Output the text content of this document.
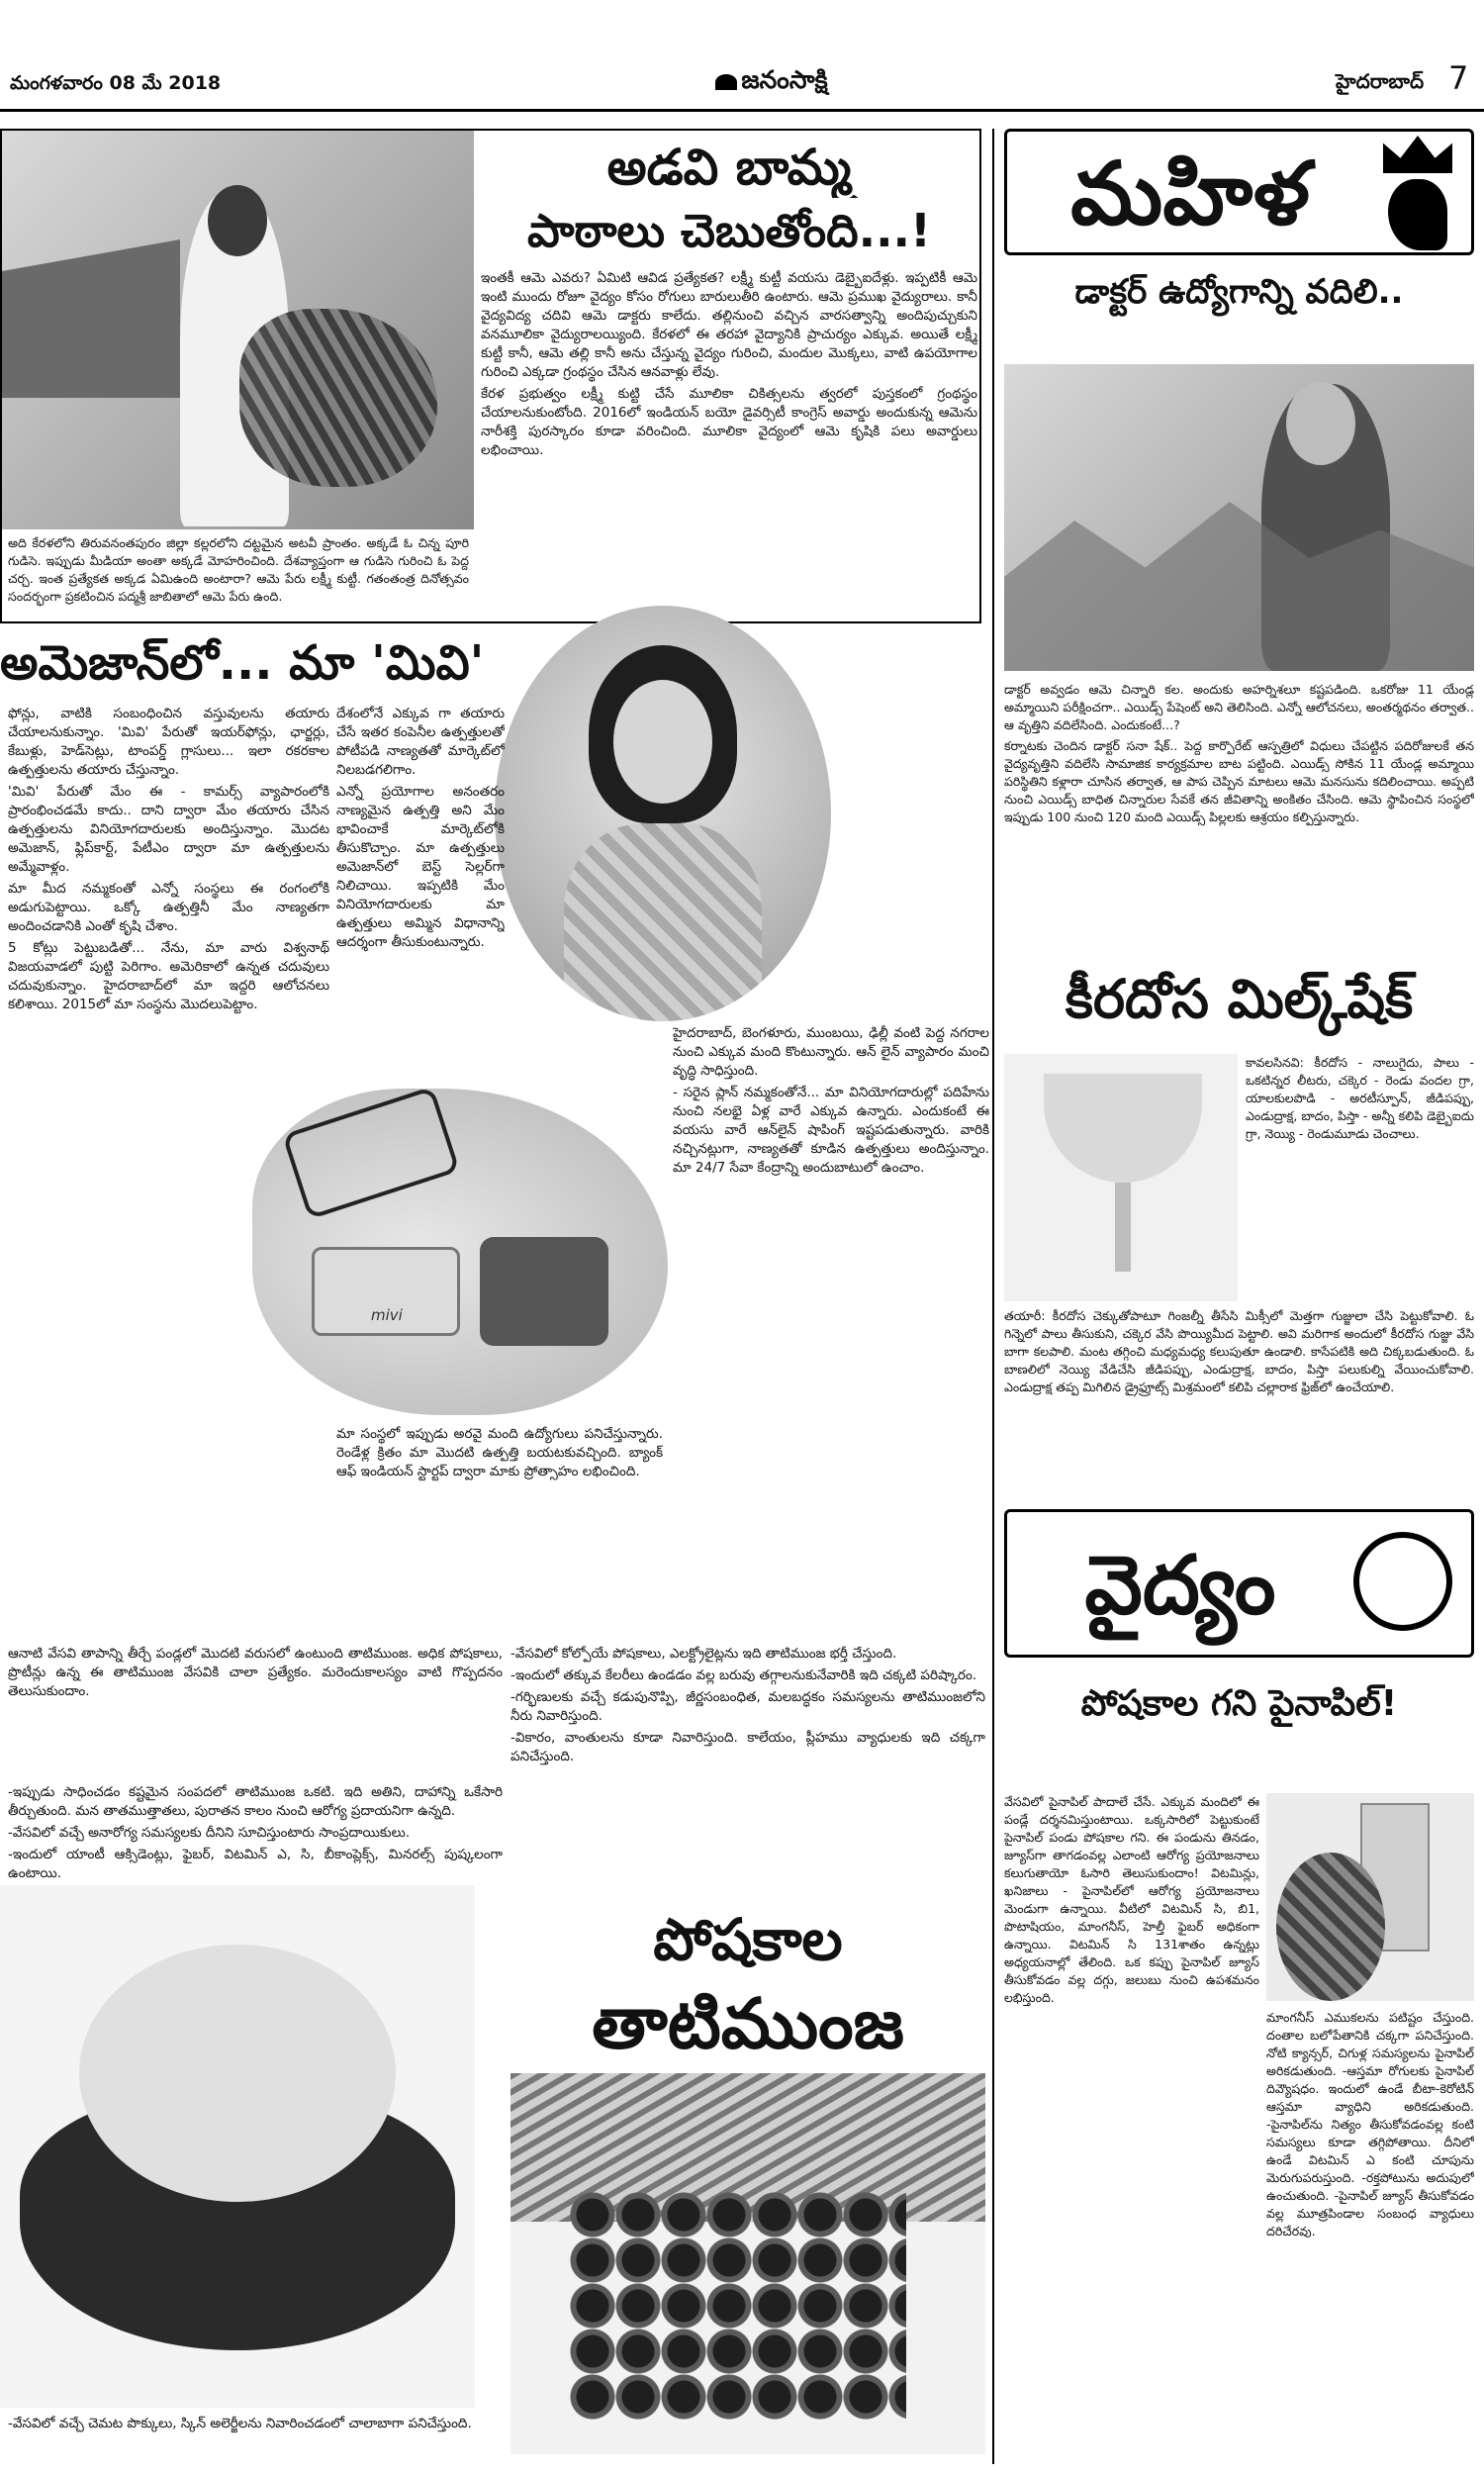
మంగళవారం 08 మే 2018	జనంసాక్షి	హైదరాబాద్ 7
అది కేరళలోని తిరువనంతపురం జిల్లా కల్లరలోని దట్టమైన అటవీ ప్రాంతం. అక్కడే ఓ చిన్న పూరి గుడిసె. ఇప్పుడు మీడియా అంతా అక్కడే మోహరించింది. దేశవ్యాప్తంగా ఆ గుడిసె గురించి ఓ పెద్ద చర్చ. ఇంత ప్రత్యేకత అక్కడ ఏమిఉంది అంటారా? ఆమె పేరు లక్ష్మీ కుట్టీ. గతంతంత్ర దినోత్సవం సందర్భంగా ప్రకటించిన పద్మశ్రీ జాబితాలో ఆమె పేరు ఉంది.
అడవి బామ్మ
పాఠాలు చెబుతోంది...!

ఇంతకీ ఆమె ఎవరు? ఏమిటి ఆవిడ ప్రత్యేకత? లక్ష్మీ కుట్టీ వయసు డెబ్బైఐదేళ్లు. ఇప్పటికీ ఆమె ఇంటి ముందు రోజూ వైద్యం కోసం రోగులు బారులుతీరి ఉంటారు. ఆమె ప్రముఖ వైద్యురాలు. కానీ వైద్యవిద్య చదివి ఆమె డాక్టరు కాలేదు. తల్లినుంచి వచ్చిన వారసత్వాన్ని అందిపుచ్చుకుని వనమూలికా వైద్యురాలయ్యింది. కేరళలో ఈ తరహా వైద్యానికి ప్రాచుర్యం ఎక్కువ. అయితే లక్ష్మీ కుట్టీ కానీ, ఆమె తల్లి కానీ అను చేస్తున్న వైద్యం గురించి, మందుల మొక్కలు, వాటి ఉపయోగాల గురించి ఎక్కడా గ్రంథస్థం చేసిన ఆనవాళ్లు లేవు.

కేరళ ప్రభుత్వం లక్ష్మీ కుట్టి చేసే మూలికా చికిత్సలను త్వరలో పుస్తకంలో గ్రంథస్థం చేయాలనుకుంటోంది. 2016లో ఇండియన్ బయో డైవర్సిటీ కాంగ్రెస్ అవార్డు అందుకున్న ఆమెను నారీశక్తి పురస్కారం కూడా వరించింది. మూలికా వైద్యంలో ఆమె కృషికి పలు అవార్డులు లభించాయి.

మహిళ
డాక్టర్ ఉద్యోగాన్ని వదిలి..

డాక్టర్ అవ్వడం ఆమె చిన్నారి కల. అందుకు అహర్నిశలూ కష్టపడింది. ఒకరోజు 11 యేండ్ల అమ్మాయిని పరీక్షించగా.. ఎయిడ్స్ పేషెంట్ అని తెలిసింది. ఎన్నో ఆలోచనలు, అంతర్మథనం తర్వాత.. ఆ వృత్తిని వదిలేసింది. ఎందుకంటే...?

కర్నాటకు చెందిన డాక్టర్ సనా షేక్.. పెద్ద కార్పొరేట్ ఆస్పత్రిలో విధులు చేపట్టిన పదిరోజులకే తన వైద్యవృత్తిని వదిలేసి సామాజిక కార్యక్రమాల బాట పట్టింది. ఎయిడ్స్ సోకిన 11 యేండ్ల అమ్మాయి పరిస్థితిని కళ్లారా చూసిన తర్వాత, ఆ పాప చెప్పిన మాటలు ఆమె మనసును కదిలించాయి. అప్పటి నుంచి ఎయిడ్స్ బాధిత చిన్నారుల సేవకే తన జీవితాన్ని అంకితం చేసింది. ఆమె స్థాపించిన సంస్థలో ఇప్పుడు 100 నుంచి 120 మంది ఎయిడ్స్ పిల్లలకు ఆశ్రయం కల్పిస్తున్నారు.

అమెజాన్‌లో... మా 'మివి'

ఫోన్లు, వాటికి సంబంధించిన వస్తువులను తయారు చేయాలనుకున్నాం. 'మివి' పేరుతో ఇయర్‌ఫోన్లు, ఛార్జర్లు, కేబుళ్లు, హెడ్‌సెట్లు, టాంపర్డ్ గ్లాసులు... ఇలా రకరకాల ఉత్పత్తులను తయారు చేస్తున్నాం.

'మివి' పేరుతో మేం ఈ - కామర్స్ వ్యాపారంలోకి ప్రారంభించడమే కాదు.. దాని ద్వారా మేం తయారు చేసిన ఉత్పత్తులను వినియోగదారులకు అందిస్తున్నాం. మొదట అమెజాన్, ఫ్లిప్‌కార్ట్, పేటీఎం ద్వారా మా ఉత్పత్తులను అమ్మేవాళ్లం.

మా మీద నమ్మకంతో ఎన్నో సంస్థలు ఈ రంగంలోకి అడుగుపెట్టాయి. ఒక్కో ఉత్పత్తినీ మేం నాణ్యతగా అందించడానికి ఎంతో కృషి చేశాం.

5 కోట్లు పెట్టుబడితో... నేను, మా వారు విశ్వనాథ్ విజయవాడలో పుట్టి పెరిగాం. అమెరికాలో ఉన్నత చదువులు చదువుకున్నాం. హైదరాబాద్‌లో మా ఇద్దరి ఆలోచనలు కలిశాయి. 2015లో మా సంస్థను మొదలుపెట్టాం.

దేశంలోనే ఎక్కువ గా తయారు చేసే ఇతర కంపెనీల ఉత్పత్తులతో పోటీపడి నాణ్యతతో మార్కెట్‌లో నిలబడగలిగాం.

ఎన్నో ప్రయోగాల అనంతరం నాణ్యమైన ఉత్పత్తి అని మేం భావించాకే మార్కెట్‌లోకి తీసుకొచ్చాం. మా ఉత్పత్తులు అమెజాన్‌లో బెస్ట్ సెల్లర్‌గా నిలిచాయి. ఇప్పటికి మేం వినియోగదారులకు మా ఉత్పత్తులు అమ్మిన విధానాన్ని ఆదర్శంగా తీసుకుంటున్నారు.

mivi

మా సంస్థలో ఇప్పుడు అరవై మంది ఉద్యోగులు పనిచేస్తున్నారు. రెండేళ్ల క్రితం మా మొదటి ఉత్పత్తి బయటకువచ్చింది. బ్యాంక్ ఆఫ్ ఇండియన్ స్టార్టప్ ద్వారా మాకు ప్రోత్సాహం లభించింది.

హైదరాబాద్, బెంగళూరు, ముంబయి, ఢిల్లీ వంటి పెద్ద నగరాల నుంచి ఎక్కువ మంది కొంటున్నారు. ఆన్ లైన్ వ్యాపారం మంచి వృద్ధి సాధిస్తుంది.

- సరైన ప్లాన్ నమ్మకంతోనే... మా వినియోగదారుల్లో పదిహేను నుంచి నలభై ఏళ్ల వారే ఎక్కువ ఉన్నారు. ఎందుకంటే ఈ వయసు వారే ఆన్‌లైన్ షాపింగ్ ఇష్టపడుతున్నారు. వారికి నచ్చినట్లుగా, నాణ్యతతో కూడిన ఉత్పత్తులు అందిస్తున్నాం. మా 24/7 సేవా కేంద్రాన్ని అందుబాటులో ఉంచాం.

కీరదోస మిల్క్‌షేక్
కావలసినవి: కీరదోస - నాలుగైదు, పాలు - ఒకటిన్నర లీటరు, చక్కెర - రెండు వందల గ్రా, యాలకులపొడి - అరటీస్పూన్, జీడిపప్పు, ఎండుద్రాక్ష, బాదం, పిస్తా - అన్నీ కలిపి డెబ్బైఐదు గ్రా, నెయ్యి - రెండుమూడు చెంచాలు.
తయారీ: కీరదోస చెక్కుతోపాటూ గింజల్నీ తీసేసి మిక్సీలో మెత్తగా గుజ్జులా చేసి పెట్టుకోవాలి. ఓ గిన్నెలో పాలు తీసుకుని, చక్కెర వేసి పొయ్యిమీద పెట్టాలి. అవి మరిగాక అందులో కీరదోస గుజ్జు వేసి బాగా కలపాలి. మంట తగ్గించి మధ్యమధ్య కలుపుతూ ఉండాలి. కాసేపటికి అది చిక్కబడుతుంది. ఓ బాణలిలో నెయ్యి వేడిచేసి జీడిపప్పు, ఎండుద్రాక్ష, బాదం, పిస్తా పలుకుల్ని వేయించుకోవాలి. ఎండుద్రాక్ష తప్ప మిగిలిన డ్రైఫ్రూట్స్ మిశ్రమంలో కలిపి చల్లారాక ఫ్రిజ్‌లో ఉంచేయాలి.
వైద్యం
పోషకాల గని పైనాపిల్!
వేసవిలో పైనాపిల్ పాదాలే చేసే. ఎక్కువ మందిలో ఈ పండ్లే దర్శనమిస్తుంటాయి. ఒక్కసారిలో పెట్టుకుంటే పైనాపిల్ పండు పోషకాల గని. ఈ పండును తినడం, జ్యూస్‌గా తాగడంవల్ల ఎలాంటి ఆరోగ్య ప్రయోజనాలు కలుగుతాయో ఓసారి తెలుసుకుందాం! విటమిన్లు, ఖనిజాలు - పైనాపిల్‌లో ఆరోగ్య ప్రయోజనాలు మెండుగా ఉన్నాయి. వీటిలో విటమిన్ సి, బి1, పొటాషియం, మాంగనీస్, హెల్తీ ఫైబర్ అధికంగా ఉన్నాయి. విటమిన్ సి 131శాతం ఉన్నట్లు అధ్యయనాల్లో తేలింది. ఒక కప్పు పైనాపిల్ జ్యూస్ తీసుకోవడం వల్ల దగ్గు, జలుబు నుంచి ఉపశమనం లభిస్తుంది.
మాంగనీస్ ఎముకలను పటిష్టం చేస్తుంది. దంతాల బలోపేతానికి చక్కగా పనిచేస్తుంది. నోటి క్యాన్సర్, చిగుళ్ల సమస్యలను పైనాపిల్ అరికడుతుంది. -ఆస్తమా రోగులకు పైనాపిల్ దివ్యౌషధం. ఇందులో ఉండే బీటా-కెరోటిన్ ఆస్తమా వ్యాధిని అరికడుతుంది. -పైనాపిల్‌ను నిత్యం తీసుకోవడంవల్ల కంటి సమస్యలు కూడా తగ్గిపోతాయి. దీనిలో ఉండే విటమిన్ ఎ కంటి చూపును మెరుగుపరుస్తుంది. -రక్తపోటును అదుపులో ఉంచుతుంది. -పైనాపిల్ జ్యూస్ తీసుకోవడం వల్ల మూత్రపిండాల సంబంధ వ్యాధులు దరిచేరవు.
ఆనాటి వేసవి తాపాన్ని తీర్చే పండ్లలో మొదటి వరుసలో ఉంటుంది తాటిముంజ. అధిక పోషకాలు, ప్రొటీన్లు ఉన్న ఈ తాటిముంజ వేసవికి చాలా ప్రత్యేకం. మరెందుకాలస్యం వాటి గొప్పదనం తెలుసుకుందాం.

-ఇప్పుడు సాధించడం కష్టమైన సంపదలో తాటిముంజ ఒకటి. ఇది అతిని, దాహాన్ని ఒకేసారి తీర్చుతుంది. మన తాతముత్తాతలు, పురాతన కాలం నుంచి ఆరోగ్య ప్రదాయనిగా ఉన్నది.

-వేసవిలో వచ్చే అనారోగ్య సమస్యలకు దీనిని సూచిస్తుంటారు సాంప్రదాయికులు.

-ఇందులో యాంటీ ఆక్సిడెంట్లు, ఫైబర్, విటమిన్ ఎ, సి, బీకాంప్లెక్స్, మినరల్స్ పుష్కలంగా ఉంటాయి.

-వేసవిలో వచ్చే చెమట పొక్కులు, స్కిన్ అలెర్జీలను నివారించడంలో చాలాబాగా పనిచేస్తుంది.

-వేసవిలో కోల్పోయే పోషకాలు, ఎలక్ట్రోలైట్లను ఇది తాటిముంజ భర్తీ చేస్తుంది.

-ఇందులో తక్కువ కేలరీలు ఉండడం వల్ల బరువు తగ్గాలనుకునేవారికి ఇది చక్కటి పరిష్కారం.

-గర్భిణులకు వచ్చే కడుపునొప్పి, జీర్ణసంబంధిత, మలబద్ధకం సమస్యలను తాటిముంజలోని నీరు నివారిస్తుంది.

-వికారం, వాంతులను కూడా నివారిస్తుంది. కాలేయం, ప్లీహము వ్యాధులకు ఇది చక్కగా పనిచేస్తుంది.

పోషకాల
తాటిముంజ
